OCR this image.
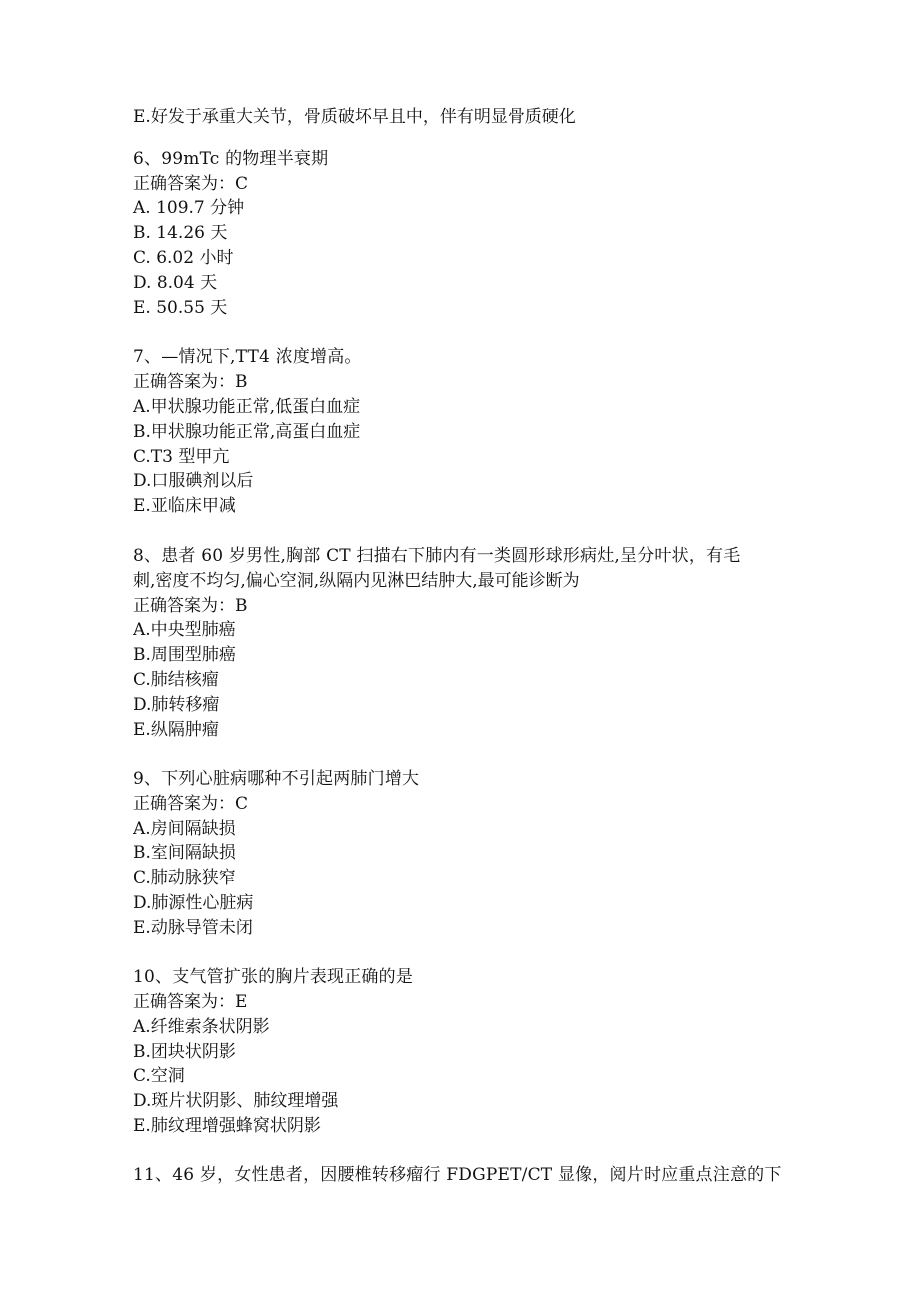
E.好发于承重大关节，骨质破坏早且中，伴有明显骨质硬化
6、99mTc 的物理半衰期
正确答案为：C
A. 109.7 分钟
B. 14.26 天
C. 6.02 小时
D. 8.04 天
E. 50.55 天
7、—情况下,TT4 浓度增高。
正确答案为：B
A.甲状腺功能正常,低蛋白血症
B.甲状腺功能正常,高蛋白血症
C.T3 型甲亢
D.口服碘剂以后
E.亚临床甲减
8、患者 60 岁男性,胸部 CT 扫描右下肺内有一类圆形球形病灶,呈分叶状，有毛
刺,密度不均匀,偏心空洞,纵隔内见淋巴结肿大,最可能诊断为
正确答案为：B
A.中央型肺癌
B.周围型肺癌
C.肺结核瘤
D.肺转移瘤
E.纵隔肿瘤
9、下列心脏病哪种不引起两肺门增大
正确答案为：C
A.房间隔缺损
B.室间隔缺损
C.肺动脉狭窄
D.肺源性心脏病
E.动脉导管未闭
10、支气管扩张的胸片表现正确的是
正确答案为：E
A.纤维索条状阴影
B.团块状阴影
C.空洞
D.斑片状阴影、肺纹理增强
E.肺纹理增强蜂窝状阴影
11、46 岁，女性患者，因腰椎转移瘤行 FDGPET/CT 显像，阅片时应重点注意的下
